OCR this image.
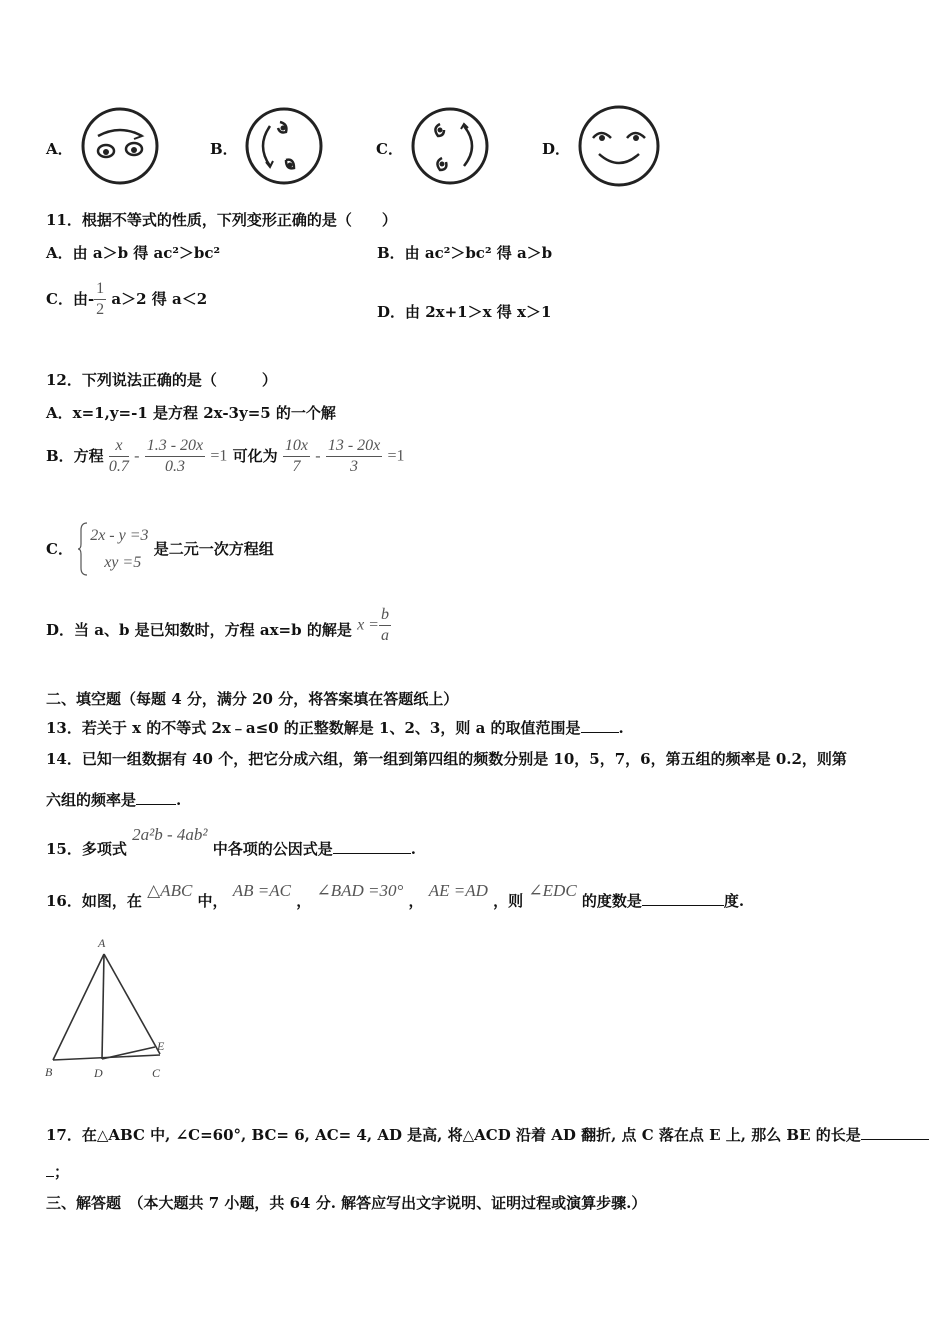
A．	B．	C．	D．
11．根据不等式的性质，下列变形正确的是（　　）
A．由 a＞b 得 ac²＞bc²	B．由 ac²＞bc² 得 a＞b
C．由- $\frac{1}{2} a>2$ 得 a＜2
D．由 2x+1＞x 得 x＞1
12．下列说法正确的是（　　　）
A．x=1,y=-1 是方程 2x-3y=5 的一个解
B．方程 $\frac{x}{0.7} - \frac{1.3 - 20x}{0.3} =1$ 可化为 $\frac{10x}{7} - \frac{13 - 20x}{3} =1$
C．
2x - y =3
xy =5
是二元一次方程组
D．当 a、b 是已知数时，方程 ax=b 的解是 $x = \frac{b}{a}$
二、填空题（每题 4 分，满分 20 分，将答案填在答题纸上）
13．若关于 x 的不等式 2x﹣a≤0 的正整数解是 1、2、3，则 a 的取值范围是	.
14．已知一组数据有 40 个，把它分成六组，第一组到第四组的频数分别是 10，5，7，6，第五组的频率是 0.2，则第
六组的频率是	.
15．多项式 2a²b - 4ab² 中各项的公因式是	.
16．如图，在 △ABC 中， AB =AC ， ∠BAD =30° ， AE =AD ，则 ∠EDC 的度数是	度.
A
B	D	C
E
17．在△ABC 中, ∠C=60°, BC= 6, AC= 4, AD 是高, 将△ACD 沿着 AD 翻折, 点 C 落在点 E 上, 那么 BE 的长是
；
三、解答题　（本大题共 7 小题，共 64 分. 解答应写出文字说明、证明过程或演算步骤.）
